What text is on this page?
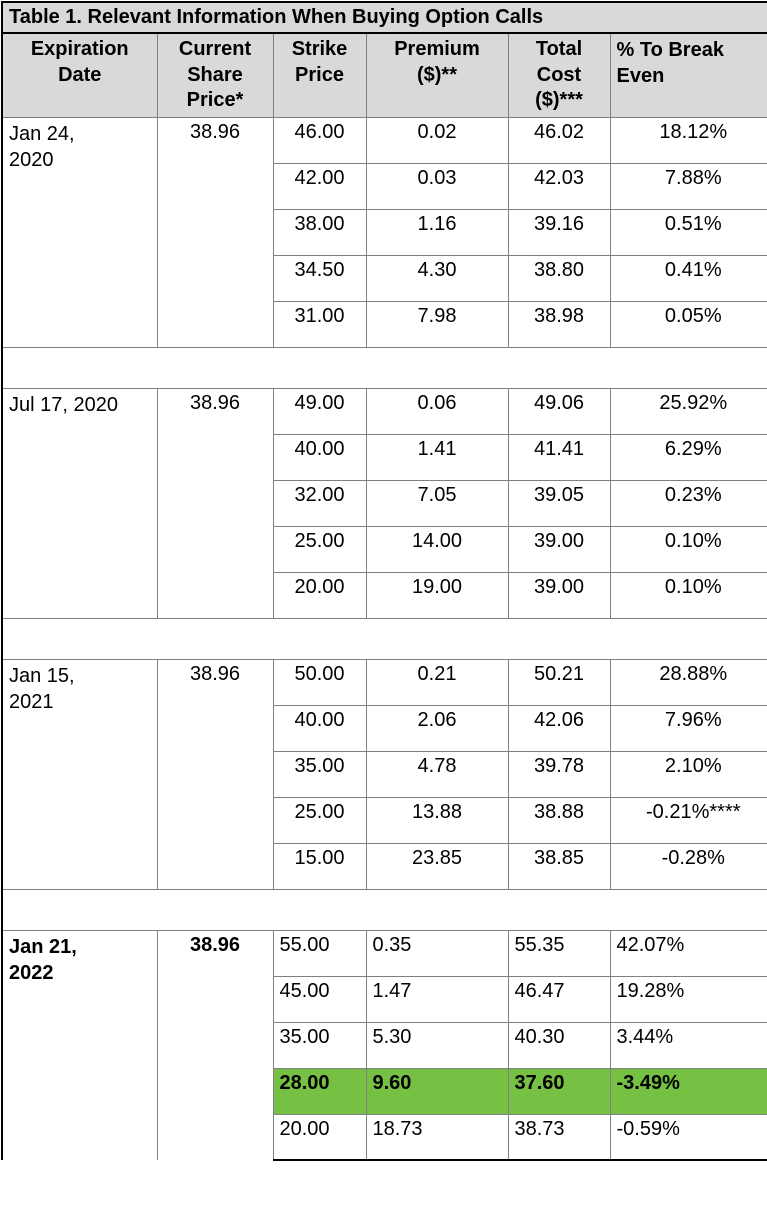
Table 1. Relevant Information When Buying Option Calls					
Expiration
Date	Current
Share
Price*	Strike
Price	Premium
($)**	Total
Cost
($)***	% To Break
Even
Jan 24,
2020	38.96	46.00	0.02	46.02	18.12%
		42.00	0.03	42.03	7.88%
		38.00	1.16	39.16	0.51%
		34.50	4.30	38.80	0.41%
		31.00	7.98	38.98	0.05%

Jul 17, 2020	38.96	49.00	0.06	49.06	25.92%
		40.00	1.41	41.41	6.29%
		32.00	7.05	39.05	0.23%
		25.00	14.00	39.00	0.10%
		20.00	19.00	39.00	0.10%

Jan 15,
2021	38.96	50.00	0.21	50.21	28.88%
		40.00	2.06	42.06	7.96%
		35.00	4.78	39.78	2.10%
		25.00	13.88	38.88	-0.21%****
		15.00	23.85	38.85	-0.28%

Jan 21,
2022	38.96	55.00	0.35	55.35	42.07%
		45.00	1.47	46.47	19.28%
		35.00	5.30	40.30	3.44%
		28.00	9.60	37.60	-3.49%
		20.00	18.73	38.73	-0.59%
